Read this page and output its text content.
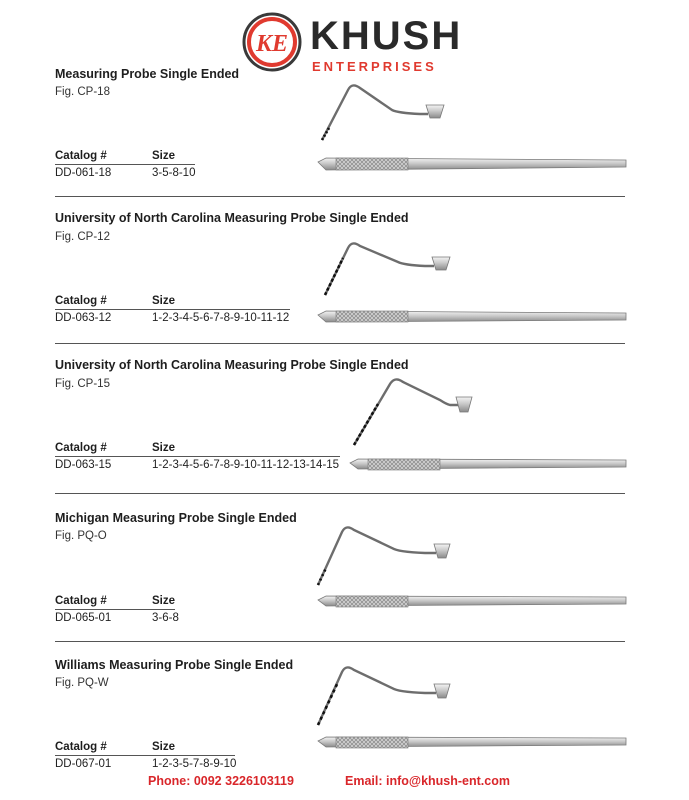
KE KHUSH
ENTERPRISES
Measuring Probe Single Ended
Fig. CP-18
Catalog #	Size
DD-061-18	3-5-8-10
University of North Carolina Measuring Probe Single Ended
Fig. CP-12
Catalog #	Size
DD-063-12	1-2-3-4-5-6-7-8-9-10-11-12
University of North Carolina Measuring Probe Single Ended
Fig. CP-15
Catalog #	Size
DD-063-15	1-2-3-4-5-6-7-8-9-10-11-12-13-14-15
Michigan Measuring Probe Single Ended
Fig. PQ-O
Catalog #	Size
DD-065-01	3-6-8
Williams Measuring Probe Single Ended
Fig. PQ-W
Catalog #	Size
DD-067-01	1-2-3-5-7-8-9-10
Phone: 0092 3226103119	Email: info@khush-ent.com
